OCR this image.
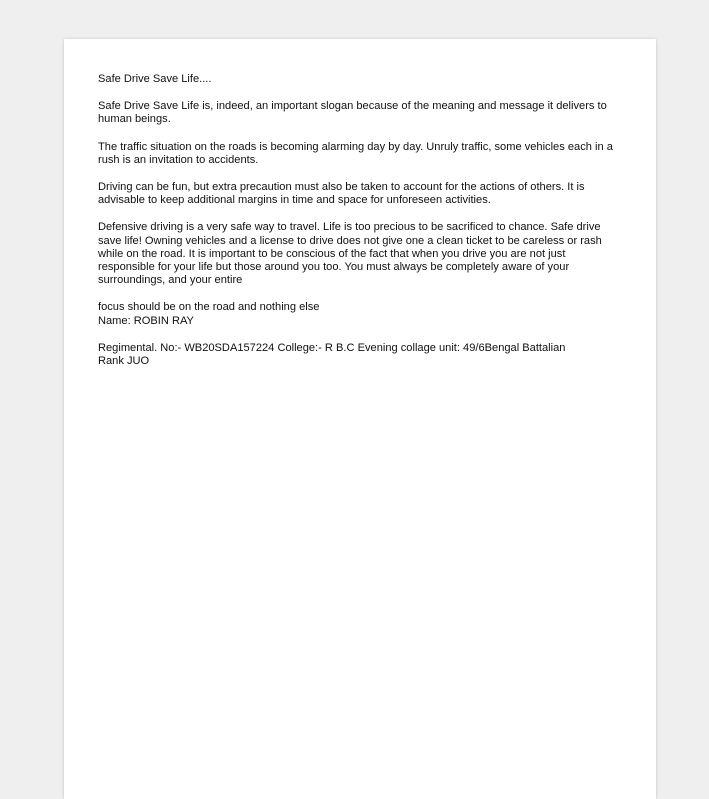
Safe Drive Save Life....

Safe Drive Save Life is, indeed, an important slogan because of the meaning and message it delivers to human beings.

The traffic situation on the roads is becoming alarming day by day. Unruly traffic, some vehicles each in a rush is an invitation to accidents.

Driving can be fun, but extra precaution must also be taken to account for the actions of others. It is advisable to keep additional margins in time and space for unforeseen activities.

Defensive driving is a very safe way to travel. Life is too precious to be sacrificed to chance. Safe drive save life! Owning vehicles and a license to drive does not give one a clean ticket to be careless or rash while on the road. It is important to be conscious of the fact that when you drive you are not just responsible for your life but those around you too. You must always be completely aware of your surroundings, and your entire

focus should be on the road and nothing else

Name: ROBIN RAY

Regimental. No:- WB20SDA157224 College:- R B.C Evening collage unit: 49/6Bengal Battalian

Rank JUO
